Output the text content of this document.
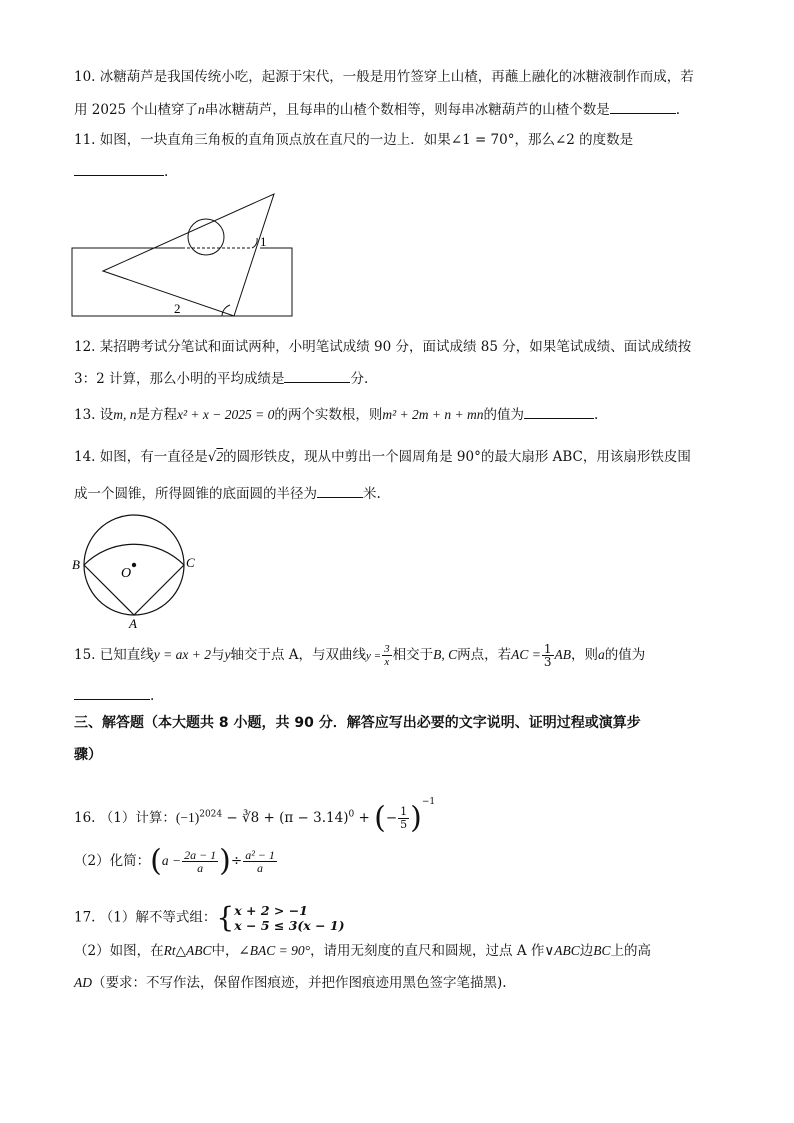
10. 冰糖葫芦是我国传统小吃，起源于宋代，一般是用竹签穿上山楂，再蘸上融化的冰糖液制作而成，若
用 2025 个山楂穿了n串冰糖葫芦，且每串的山楂个数相等，则每串冰糖葫芦的山楂个数是	.
11. 如图，一块直角三角板的直角顶点放在直尺的一边上．如果∠1 = 70°，那么∠2 的度数是
.
1
2
12. 某招聘考试分笔试和面试两种，小明笔试成绩 90 分，面试成绩 85 分，如果笔试成绩、面试成绩按
3：2 计算，那么小明的平均成绩是	分.
13. 设m, n是方程x² + x − 2025 = 0的两个实数根，则m² + 2m + n + mn的值为	.
14. 如图，有一直径是√2的圆形铁皮，现从中剪出一个圆周角是 90°的最大扇形 ABC，用该扇形铁皮围
成一个圆锥，所得圆锥的底面圆的半径为	米.
B	C
O
A
15. 已知直线y = ax + 2与y轴交于点 A，与双曲线$y = \frac{3}{x}$ 相交于B, C两点，若AC = $\frac{1}{3}$ AB，则a的值为
.
三、解答题（本大题共 8 小题，共 90 分．解答应写出必要的文字说明、证明过程或演算步
骤）
16. （1）计算：$(-1)^{2024}$ − ∛8 + $(\pi - 3.14)^0$ + (− $\frac{1}{5} )^{-1}$
（2）化简：($a - \frac{2a - 1}{a}$ )÷ $\frac{\text{a² − 1}}{a}$
17. （1）解不等式组：{ x + 2 > −1
x − 5 ≤ 3(x − 1)
（2）如图，在Rt△ABC中，∠BAC = 90°，请用无刻度的直尺和圆规，过点 A 作∨ABC边BC上的高
AD（要求：不写作法，保留作图痕迹，并把作图痕迹用黑色签字笔描黑).
